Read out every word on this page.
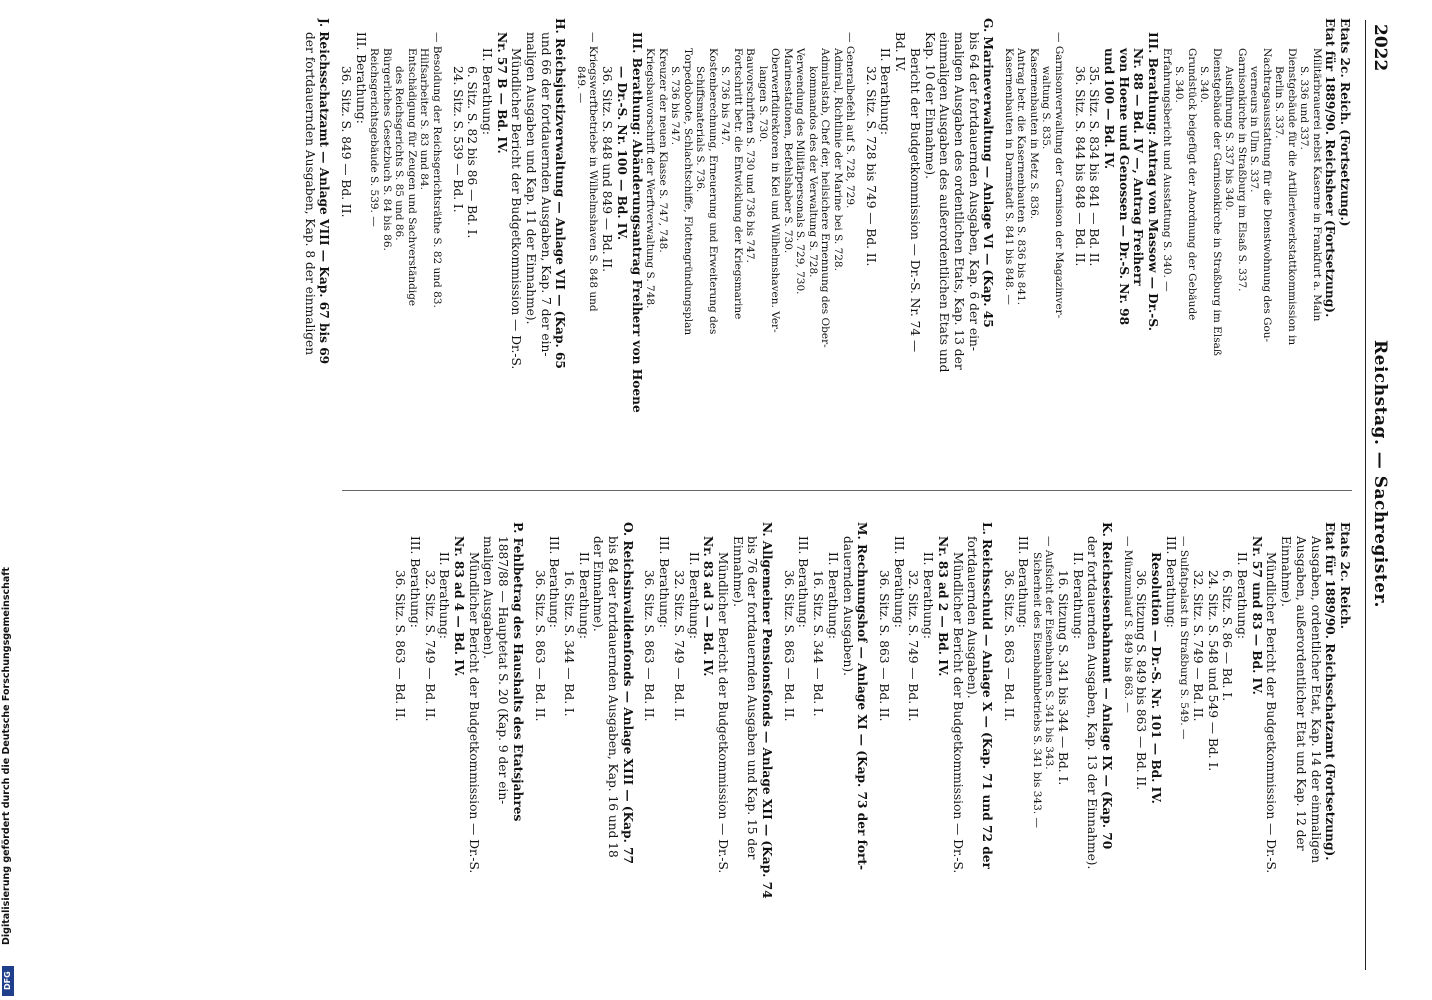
2022
Reichstag. — Sachregister.
Etats 2c. Reich. (Fortsetzung.)
Etat für 1889/90. Reichsheer (Fortsetzung).
Militärbrauerei nebst Kaserne in Frankfurt a. Main
S. 336 und 337.
Dienstgebäude für die Artilleriewerkstattkommission in
Berlin S. 337.
Nachtragsausstattung für die Dienstwohnung des Gou-
verneurs in Ulm S. 337.
Garnisonkirche in Straßburg im Elsaß S. 337.
Ausführung S. 337 bis 340.
Dienstgebäude der Garnisonkirche in Straßburg im Elsaß
S. 340.
Grundstück beigefügt der Anordnung der Gebäude
S. 340.
Erfahrungsbericht und Ausstattung S. 340. —
III. Berathung: Antrag von Massow — Dr.-S.
Nr. 88 — Bd. IV —, Antrag Freiherr
von Hoene und Genossen — Dr.-S. Nr. 98
und 100 — Bd. IV.
35. Sitz. S. 834 bis 841 — Bd. II.
36. Sitz. S. 844 bis 848 — Bd. II.
— Garnisonverwaltung der Garnison der Magazinver-
waltung S. 835.
Kasernenbauten in Metz S. 836.
Antrag betr. die Kasernenbauten S. 836 bis 841.
Kasernenbauten in Darmstadt S. 841 bis 848. —
G. Marineverwaltung — Anlage VI — (Kap. 45
bis 64 der fortdauernden Ausgaben, Kap. 6 der ein-
maligen Ausgaben des ordentlichen Etats, Kap. 13 der
einmaligen Ausgaben des außerordentlichen Etats und
Kap. 10 der Einnahme).
Bericht der Budgetkommission — Dr.-S. Nr. 74 —
Bd. IV.
II. Berathung:
32. Sitz. S. 728 bis 749 — Bd. II.
— Generalbefehl auf S. 728, 729.
Admiral, Richtlinie der Marine bei S. 728.
Admiralstab, Chef der, heilsichere Ernennung des Ober-
kommandos des der Verwaltung S. 728.
Verwendung des Militärpersonals S. 729, 730.
Marinestationen, Befehlshaber S. 730.
Oberwerftdirektoren in Kiel und Wilhelmshaven. Ver-
langen S. 730.
Bauvorschriften S. 730 und 736 bis 747.
Fortschritt betr. die Entwicklung der Kriegsmarine
S. 736 bis 747.
Kostenberechnung, Erneuerung und Erweiterung des
Schiffsmaterials S. 736.
Torpedoboote, Schlachtschiffe, Flottengründungsplan
S. 736 bis 747.
Kreuzer der neuen Klasse S. 747, 748.
Kriegsbauvorschrift der Werftverwaltung S. 748.
III. Berathung: Abänderungsantrag Freiherr von Hoene
— Dr.-S. Nr. 100 — Bd. IV.
36. Sitz. S. 848 und 849 — Bd. II.
— Kriegswerftbetriebe in Wilhelmshaven S. 848 und
849. —
H. Reichsjustizverwaltung — Anlage VII — (Kap. 65
und 66 der fortdauernden Ausgaben, Kap. 7 der ein-
maligen Ausgaben und Kap. 11 der Einnahme).
Mündlicher Bericht der Budgetkommission — Dr.-S.
Nr. 57 B — Bd. IV.
II. Berathung:
6. Sitz. S. 82 bis 86 — Bd. I.
24. Sitz. S. 539 — Bd. I.
— Besoldung der Reichsgerichtsräthe S. 82 und 83.
Hilfsarbeiter S. 83 und 84.
Entschädigung für Zeugen und Sachverständige
des Reichsgerichts S. 85 und 86.
Bürgerliches Gesetzbuch S. 84 bis 86.
Reichsgerichtsgebäude S. 539. —
III. Berathung:
36. Sitz. S. 849 — Bd. II.
J. Reichsschatzamt — Anlage VIII — Kap. 67 bis 69
der fortdauernden Ausgaben, Kap. 8 der einmaligen
Etats 2c. Reich.
Etat für 1889/90. Reichsschatzamt (Fortsetzung).
Ausgaben, ordentlicher Etat, Kap. 14 der einmaligen
Ausgaben, außerordentlicher Etat und Kap. 12 der
Einnahme).
Mündlicher Bericht der Budgetkommission — Dr.-S.
Nr. 57 und 83 — Bd. IV.
II. Berathung:
6. Sitz. S. 86 — Bd. I.
24. Sitz. S. 548 und 549 — Bd. I.
32. Sitz. S. 749 — Bd. II.
— Sulfatpalast in Straßburg S. 549. —
III. Berathung:
Resolution — Dr.-S. Nr. 101 — Bd. IV.
36. Sitzung S. 849 bis 863 — Bd. II.
— Münzumlauf S. 849 bis 863. —
K. Reichseisenbahnamt — Anlage IX — (Kap. 70
der fortdauernden Ausgaben, Kap. 13 der Einnahme).
II. Berathung:
16. Sitzung S. 341 bis 344 — Bd. I.
— Aufsicht der Eisenbahnen S. 341 bis 343.
Sicherheit des Eisenbahnbetriebs S. 341 bis 343. —
III. Berathung:
36. Sitz. S. 863 — Bd. II.
L. Reichsschuld — Anlage X — (Kap. 71 und 72 der
fortdauernden Ausgaben).
Mündlicher Bericht der Budgetkommission — Dr.-S.
Nr. 83 ad 2 — Bd. IV.
II. Berathung:
32. Sitz. S. 749 — Bd. II.
III. Berathung:
36. Sitz. S. 863 — Bd. II.
M. Rechnungshof — Anlage XI — (Kap. 73 der fort-
dauernden Ausgaben).
II. Berathung:
16. Sitz. S. 344 — Bd. I.
III. Berathung:
36. Sitz. S. 863 — Bd. II.
N. Allgemeiner Pensionsfonds — Anlage XII — (Kap. 74
bis 76 der fortdauernden Ausgaben und Kap. 15 der
Einnahme).
Mündlicher Bericht der Budgetkommission — Dr.-S.
Nr. 83 ad 3 — Bd. IV.
II. Berathung:
32. Sitz. S. 749 — Bd. II.
III. Berathung:
36. Sitz. S. 863 — Bd. II.
O. Reichsinvalidenfonds — Anlage XIII — (Kap. 77
bis 84 der fortdauernden Ausgaben, Kap. 16 und 18
der Einnahme).
II. Berathung:
16. Sitz. S. 344 — Bd. I.
III. Berathung:
36. Sitz. S. 863 — Bd. II.
P. Fehlbetrag des Haushalts des Etatsjahres
1887/88 — Hauptetat S. 20 (Kap. 9 der ein-
maligen Ausgaben).
Mündlicher Bericht der Budgetkommission — Dr.-S.
Nr. 83 ad 4 — Bd. IV.
II. Berathung:
32. Sitz. S. 749 — Bd. II.
III. Berathung:
36. Sitz. S. 863 — Bd. II.
Digitalisierung gefördert durch die Deutsche Forschungsgemeinschaft
DFG
